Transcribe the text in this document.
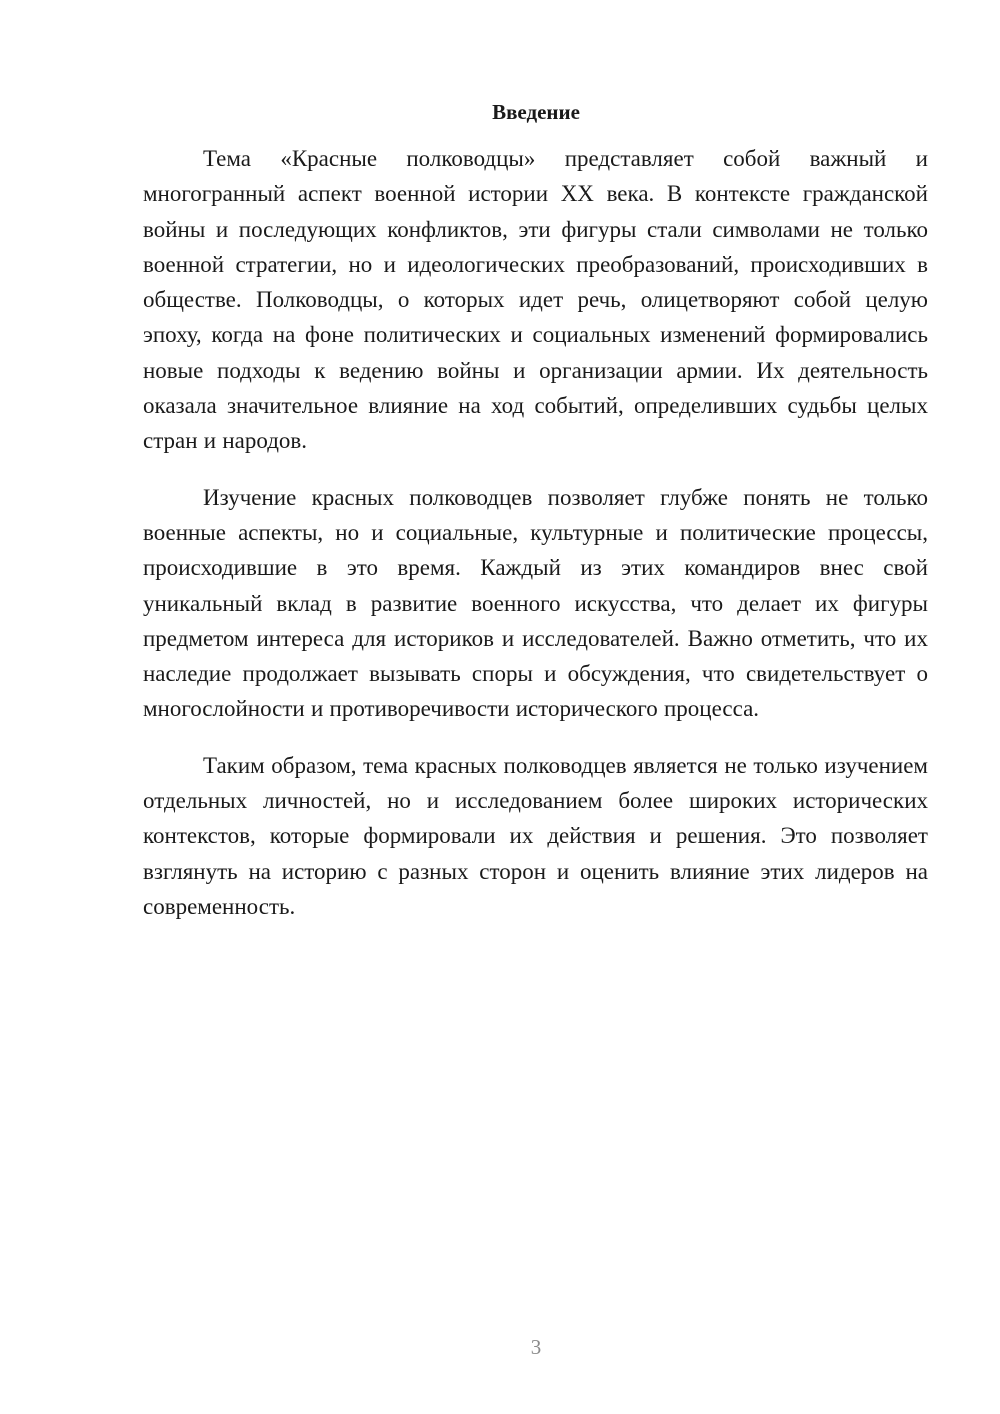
Введение

Тема «Красные полководцы» представляет собой важный и многогранный аспект военной истории XX века. В контексте гражданской войны и последующих конфликтов, эти фигуры стали символами не только военной стратегии, но и идеологических преобразований, происходивших в обществе. Полководцы, о которых идет речь, олицетворяют собой целую эпоху, когда на фоне политических и социальных изменений формировались новые подходы к ведению войны и организации армии. Их деятельность оказала значительное влияние на ход событий, определивших судьбы целых стран и народов.

Изучение красных полководцев позволяет глубже понять не только военные аспекты, но и социальные, культурные и политические процессы, происходившие в это время. Каждый из этих командиров внес свой уникальный вклад в развитие военного искусства, что делает их фигуры предметом интереса для историков и исследователей. Важно отметить, что их наследие продолжает вызывать споры и обсуждения, что свидетельствует о многослойности и противоречивости исторического процесса.

Таким образом, тема красных полководцев является не только изучением отдельных личностей, но и исследованием более широких исторических контекстов, которые формировали их действия и решения. Это позволяет взглянуть на историю с разных сторон и оценить влияние этих лидеров на современность.

3
